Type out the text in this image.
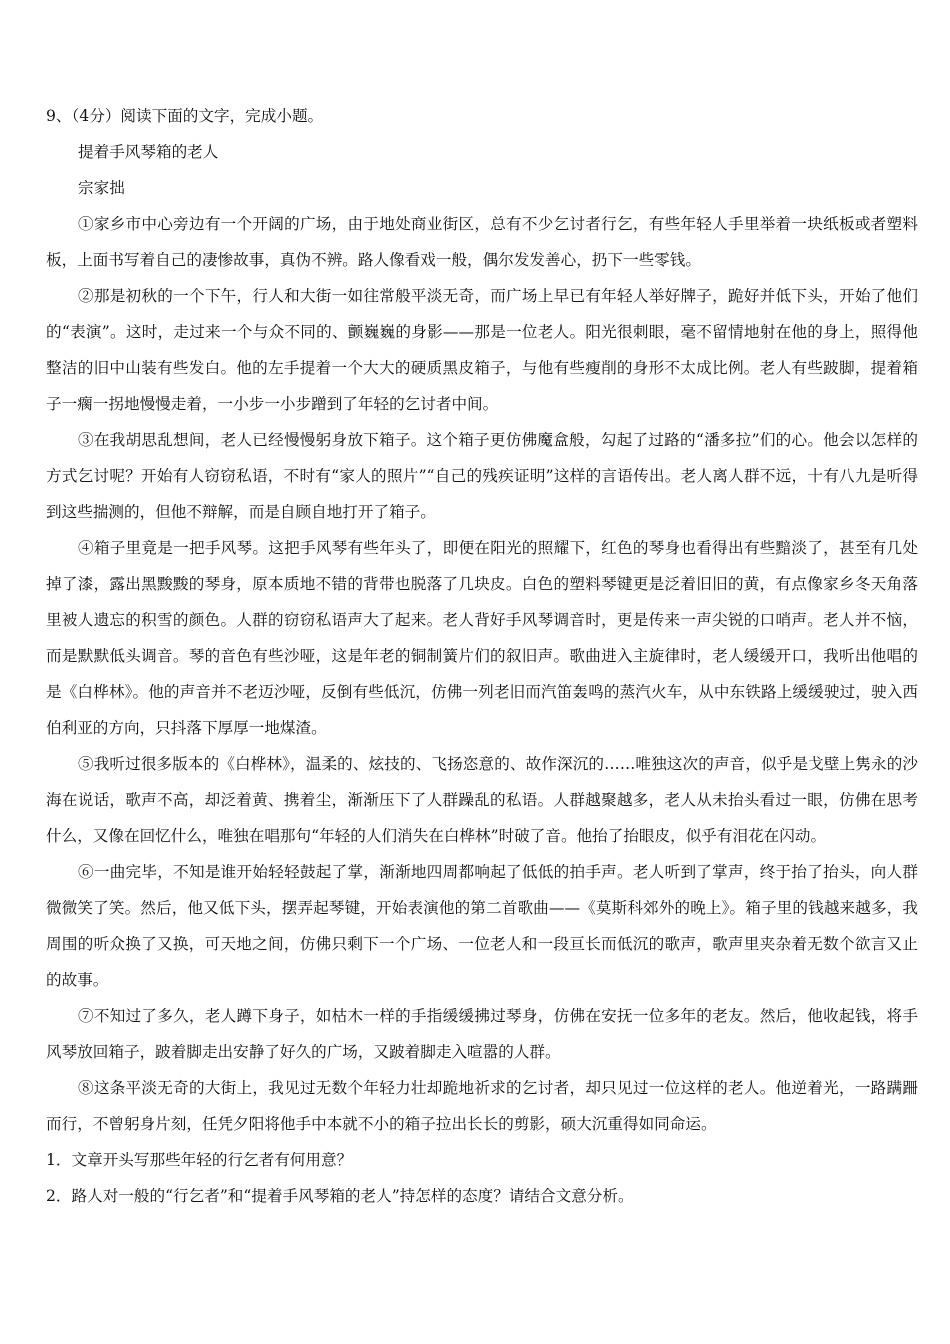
9、（4分）阅读下面的文字，完成小题。

提着手风琴箱的老人

宗家拙

①家乡市中心旁边有一个开阔的广场，由于地处商业街区，总有不少乞讨者行乞，有些年轻人手里举着一块纸板或者塑料板，上面书写着自己的凄惨故事，真伪不辨。路人像看戏一般，偶尔发发善心，扔下一些零钱。

②那是初秋的一个下午，行人和大街一如往常般平淡无奇，而广场上早已有年轻人举好牌子，跪好并低下头，开始了他们的“表演”。这时，走过来一个与众不同的、颤巍巍的身影——那是一位老人。阳光很刺眼，毫不留情地射在他的身上，照得他整洁的旧中山装有些发白。他的左手提着一个大大的硬质黑皮箱子，与他有些瘦削的身形不太成比例。老人有些跛脚，提着箱子一瘸一拐地慢慢走着，一小步一小步蹭到了年轻的乞讨者中间。

③在我胡思乱想间，老人已经慢慢躬身放下箱子。这个箱子更仿佛魔盒般，勾起了过路的“潘多拉”们的心。他会以怎样的方式乞讨呢？开始有人窃窃私语，不时有“家人的照片”“自己的残疾证明”这样的言语传出。老人离人群不远，十有八九是听得到这些揣测的，但他不辩解，而是自顾自地打开了箱子。

④箱子里竟是一把手风琴。这把手风琴有些年头了，即便在阳光的照耀下，红色的琴身也看得出有些黯淡了，甚至有几处掉了漆，露出黑黢黢的琴身，原本质地不错的背带也脱落了几块皮。白色的塑料琴键更是泛着旧旧的黄，有点像家乡冬天角落里被人遗忘的积雪的颜色。人群的窃窃私语声大了起来。老人背好手风琴调音时，更是传来一声尖锐的口哨声。老人并不恼，而是默默低头调音。琴的音色有些沙哑，这是年老的铜制簧片们的叙旧声。歌曲进入主旋律时，老人缓缓开口，我听出他唱的是《白桦林》。他的声音并不老迈沙哑，反倒有些低沉，仿佛一列老旧而汽笛轰鸣的蒸汽火车，从中东铁路上缓缓驶过，驶入西伯利亚的方向，只抖落下厚厚一地煤渣。

⑤我听过很多版本的《白桦林》，温柔的、炫技的、飞扬恣意的、故作深沉的……唯独这次的声音，似乎是戈壁上隽永的沙海在说话，歌声不高，却泛着黄、携着尘，渐渐压下了人群躁乱的私语。人群越聚越多，老人从未抬头看过一眼，仿佛在思考什么，又像在回忆什么，唯独在唱那句“年轻的人们消失在白桦林”时破了音。他抬了抬眼皮，似乎有泪花在闪动。

⑥一曲完毕，不知是谁开始轻轻鼓起了掌，渐渐地四周都响起了低低的拍手声。老人听到了掌声，终于抬了抬头，向人群微微笑了笑。然后，他又低下头，摆弄起琴键，开始表演他的第二首歌曲——《莫斯科郊外的晚上》。箱子里的钱越来越多，我周围的听众换了又换，可天地之间，仿佛只剩下一个广场、一位老人和一段亘长而低沉的歌声，歌声里夹杂着无数个欲言又止的故事。

⑦不知过了多久，老人蹲下身子，如枯木一样的手指缓缓拂过琴身，仿佛在安抚一位多年的老友。然后，他收起钱，将手风琴放回箱子，跛着脚走出安静了好久的广场，又跛着脚走入喧嚣的人群。

⑧这条平淡无奇的大街上，我见过无数个年轻力壮却跪地祈求的乞讨者，却只见过一位这样的老人。他逆着光，一路蹒跚而行，不曾躬身片刻，任凭夕阳将他手中本就不小的箱子拉出长长的剪影，硕大沉重得如同命运。

1．文章开头写那些年轻的行乞者有何用意？

2．路人对一般的“行乞者”和“提着手风琴箱的老人”持怎样的态度？请结合文意分析。
